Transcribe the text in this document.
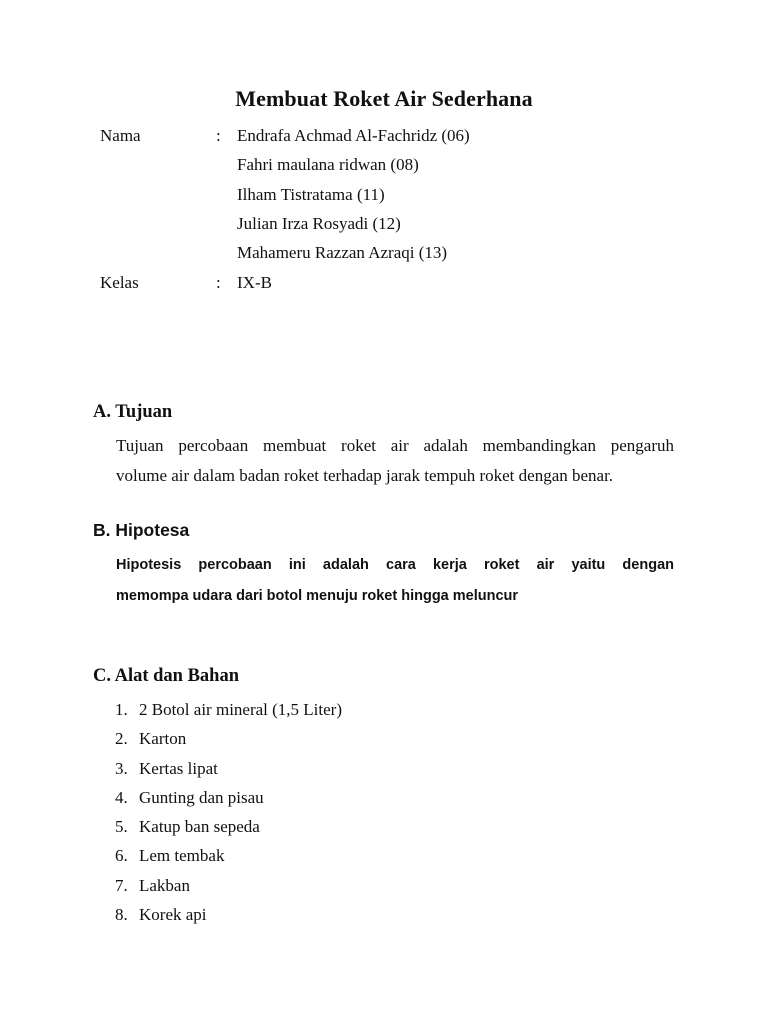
Membuat Roket Air Sederhana
Nama	: Endrafa Achmad Al-Fachridz (06)
Fahri maulana ridwan (08)
Ilham Tistratama (11)
Julian Irza Rosyadi (12)
Mahameru Razzan Azraqi (13)
Kelas	: IX-B
A. Tujuan
Tujuan percobaan membuat roket air adalah membandingkan pengaruh
volume air dalam badan roket terhadap jarak tempuh roket dengan benar.
B. Hipotesa
Hipotesis percobaan ini adalah cara kerja roket air yaitu dengan
memompa udara dari botol menuju roket hingga meluncur
C. Alat dan Bahan
1. 2 Botol air mineral (1,5 Liter)
2. Karton
3. Kertas lipat
4. Gunting dan pisau
5. Katup ban sepeda
6. Lem tembak
7. Lakban
8. Korek api
